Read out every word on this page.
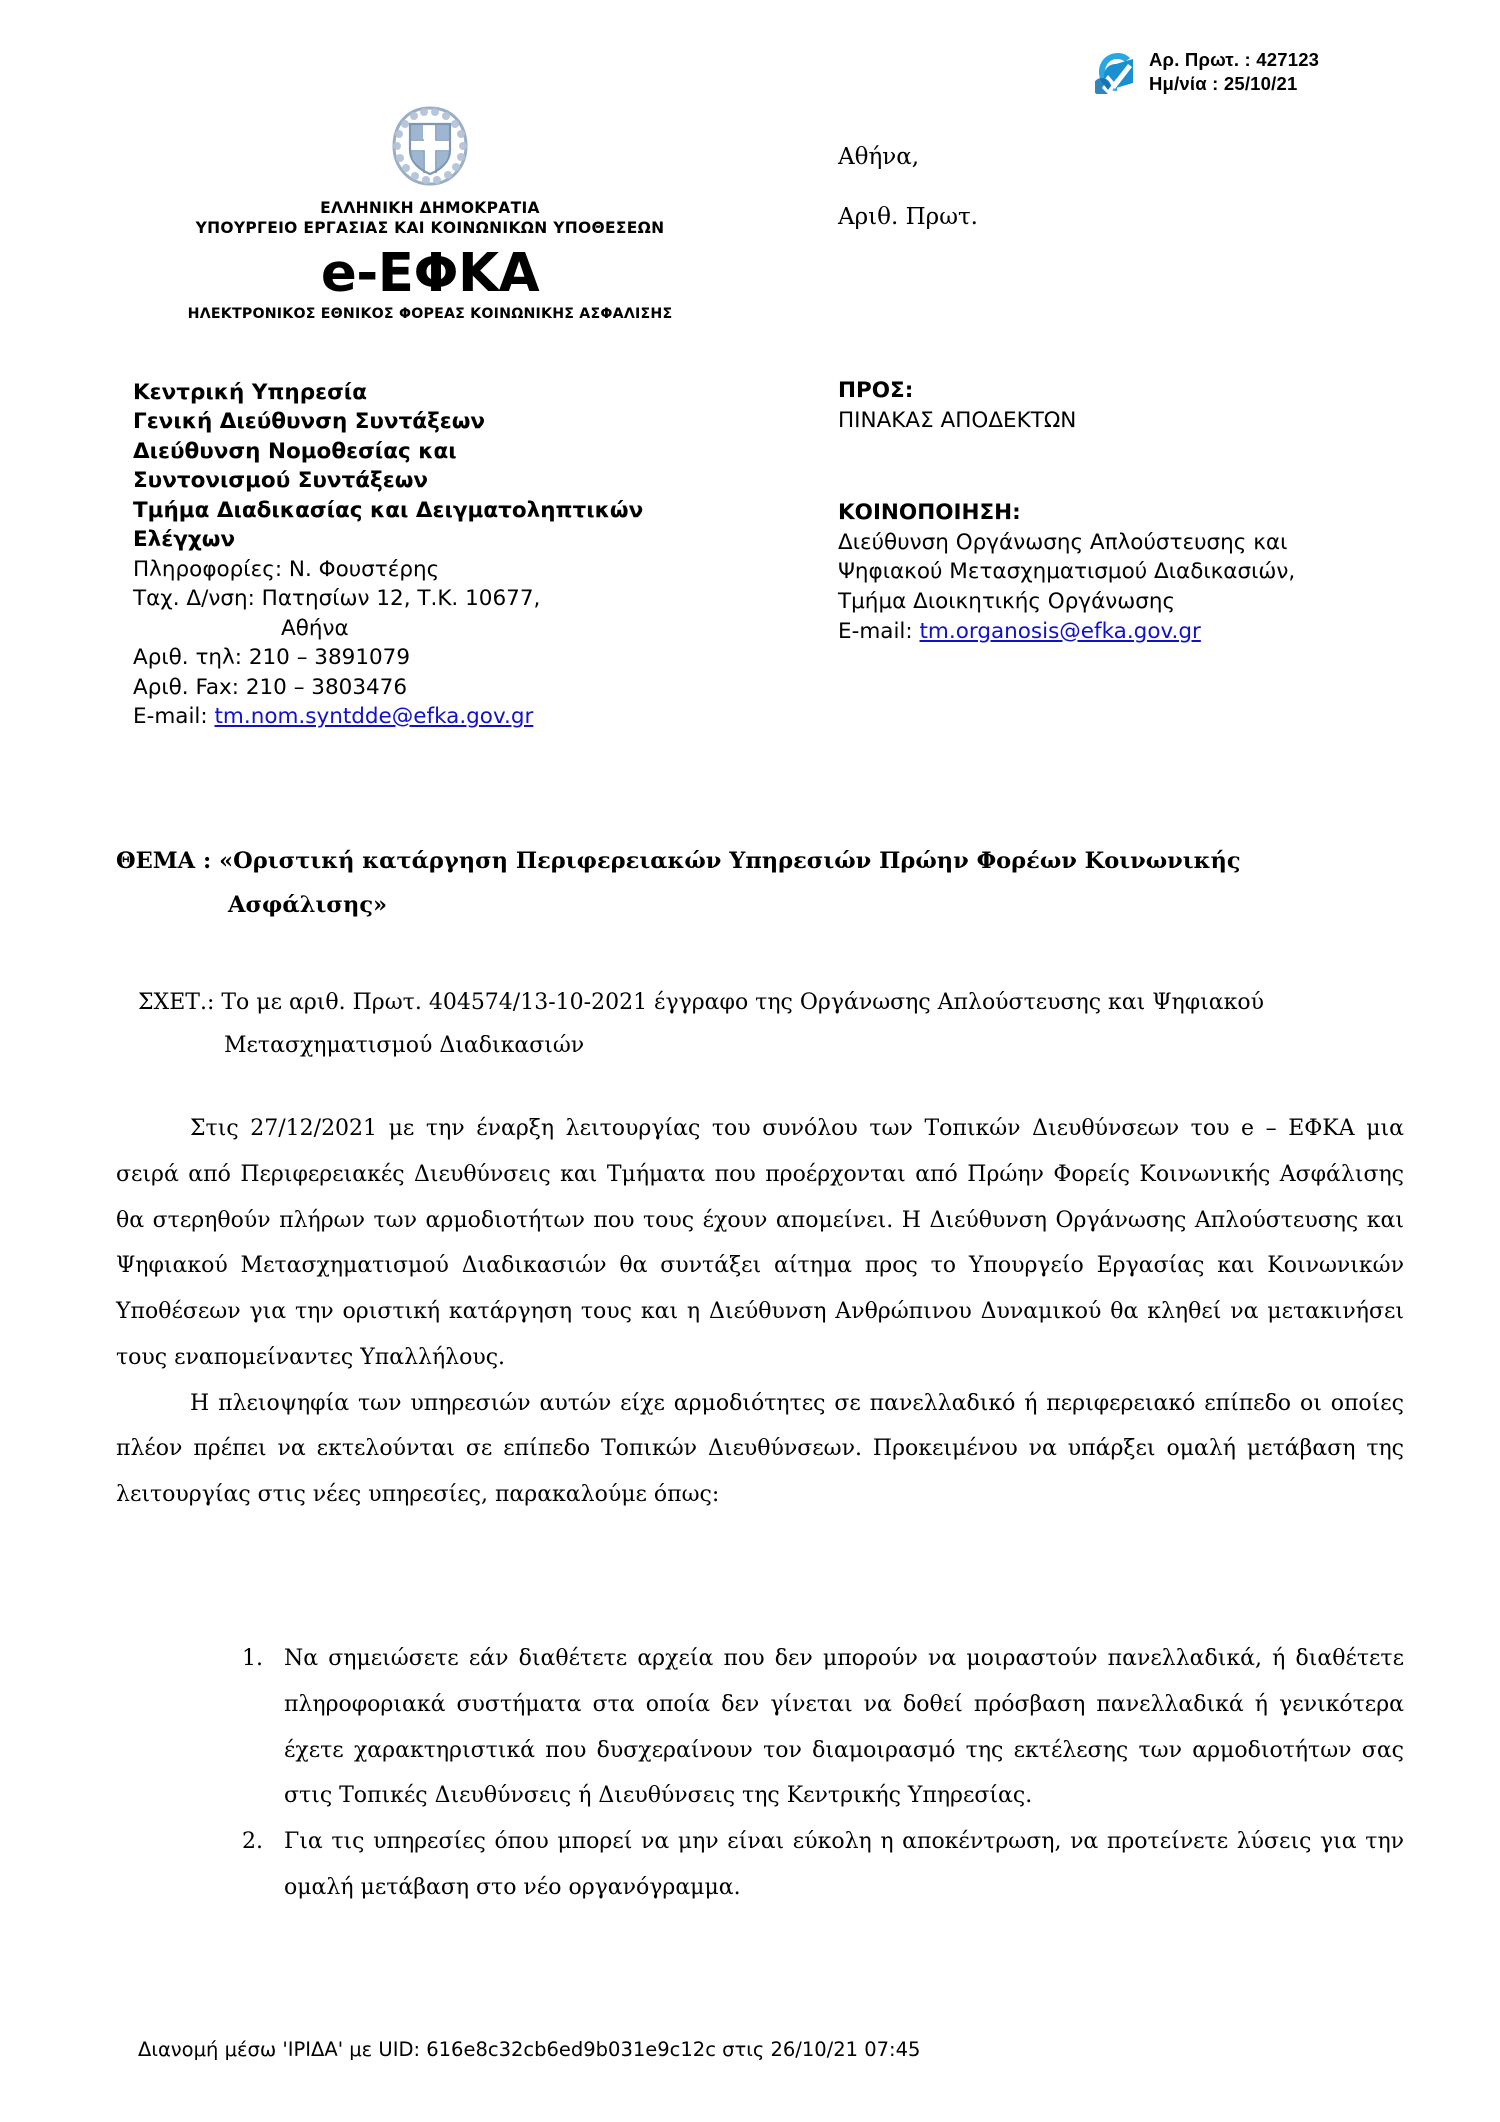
Αρ. Πρωτ. : 427123
Ημ/νία : 25/10/21
ΕΛΛΗΝΙΚΗ ΔΗΜΟΚΡΑΤΙΑ
ΥΠΟΥΡΓΕΙΟ ΕΡΓΑΣΙΑΣ ΚΑΙ ΚΟΙΝΩΝΙΚΩΝ ΥΠΟΘΕΣΕΩΝ
e-ΕΦΚΑ
ΗΛΕΚΤΡΟΝΙΚΟΣ ΕΘΝΙΚΟΣ ΦΟΡΕΑΣ ΚΟΙΝΩΝΙΚΗΣ ΑΣΦΑΛΙΣΗΣ
Κεντρική Υπηρεσία
Γενική Διεύθυνση Συντάξεων
Διεύθυνση Νομοθεσίας και
Συντονισμού Συντάξεων
Τμήμα Διαδικασίας και Δειγματοληπτικών
Ελέγχων
Πληροφορίες: Ν. Φουστέρης
Ταχ. Δ/νση: Πατησίων 12, Τ.Κ. 10677,
Αθήνα
Αριθ. τηλ: 210 – 3891079
Αριθ. Fax: 210 – 3803476
E-mail: tm.nom.syntdde@efka.gov.gr
Αθήνα,
Αριθ. Πρωτ.
ΠΡΟΣ:
ΠΙΝΑΚΑΣ ΑΠΟΔΕΚΤΩΝ
ΚΟΙΝΟΠΟΙΗΣΗ:
Διεύθυνση Οργάνωσης Απλούστευσης και
Ψηφιακού Μετασχηματισμού Διαδικασιών,
Τμήμα Διοικητικής Οργάνωσης
E-mail: tm.organosis@efka.gov.gr
ΘΕΜΑ : «Οριστική κατάργηση Περιφερειακών Υπηρεσιών Πρώην Φορέων Κοινωνικής
Ασφάλισης»
ΣΧΕΤ.: Το με αριθ. Πρωτ. 404574/13-10-2021 έγγραφο της Οργάνωσης Απλούστευσης και Ψηφιακού
Μετασχηματισμού Διαδικασιών

Στις 27/12/2021 με την έναρξη λειτουργίας του συνόλου των Τοπικών Διευθύνσεων του e – ΕΦΚΑ μια σειρά από Περιφερειακές Διευθύνσεις και Τμήματα που προέρχονται από Πρώην Φορείς Κοινωνικής Ασφάλισης θα στερηθούν πλήρων των αρμοδιοτήτων που τους έχουν απομείνει. Η Διεύθυνση Οργάνωσης Απλούστευσης και Ψηφιακού Μετασχηματισμού Διαδικασιών θα συντάξει αίτημα προς το Υπουργείο Εργασίας και Κοινωνικών Υποθέσεων για την οριστική κατάργηση τους και η Διεύθυνση Ανθρώπινου Δυναμικού θα κληθεί να μετακινήσει τους εναπομείναντες Υπαλλήλους.

Η πλειοψηφία των υπηρεσιών αυτών είχε αρμοδιότητες σε πανελλαδικό ή περιφερειακό επίπεδο οι οποίες πλέον πρέπει να εκτελούνται σε επίπεδο Τοπικών Διευθύνσεων. Προκειμένου να υπάρξει ομαλή μετάβαση της λειτουργίας στις νέες υπηρεσίες, παρακαλούμε όπως:

1. Να σημειώσετε εάν διαθέτετε αρχεία που δεν μπορούν να μοιραστούν πανελλαδικά, ή διαθέτετε πληροφοριακά συστήματα στα οποία δεν γίνεται να δοθεί πρόσβαση πανελλαδικά ή γενικότερα έχετε χαρακτηριστικά που δυσχεραίνουν τον διαμοιρασμό της εκτέλεσης των αρμοδιοτήτων σας στις Τοπικές Διευθύνσεις ή Διευθύνσεις της Κεντρικής Υπηρεσίας.
2. Για τις υπηρεσίες όπου μπορεί να μην είναι εύκολη η αποκέντρωση, να προτείνετε λύσεις για την ομαλή μετάβαση στο νέο οργανόγραμμα.
Διανομή μέσω 'ΙΡΙΔΑ' με UID: 616e8c32cb6ed9b031e9c12c στις 26/10/21 07:45
